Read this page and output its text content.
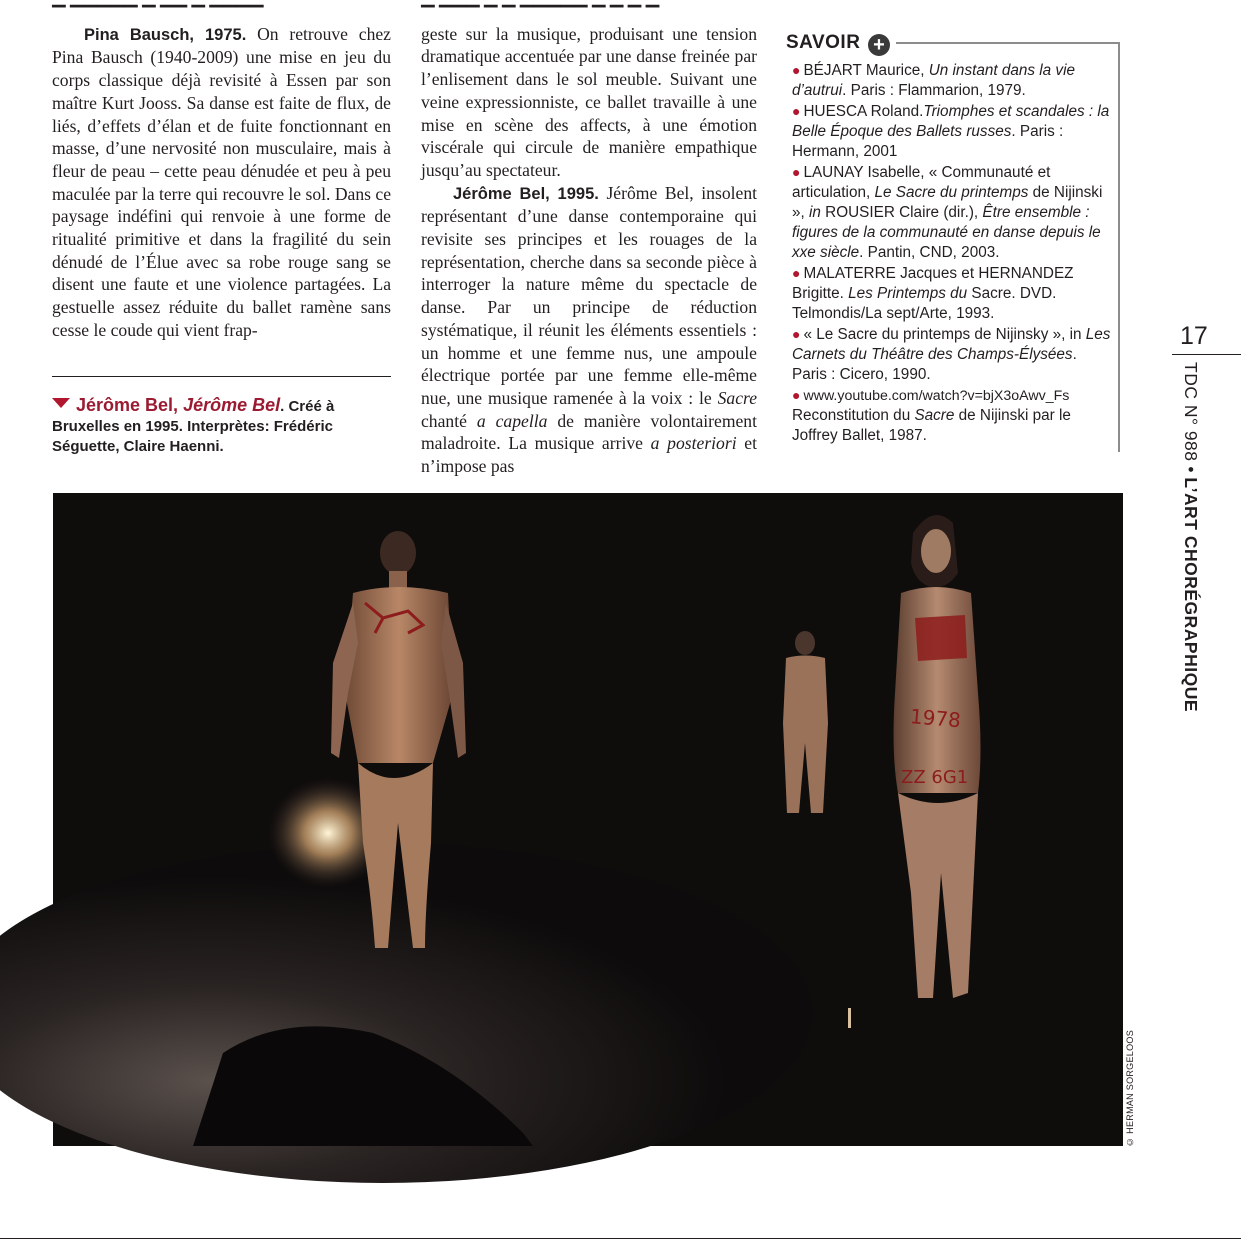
Pina Bausch, 1975. On retrouve chez Pina Bausch (1940-2009) une mise en jeu du corps classique déjà revisité à Essen par son maître Kurt Jooss. Sa danse est faite de flux, de liés, d’effets d’élan et de fuite fonctionnant en masse, d’une nervosité non musculaire, mais à fleur de peau – cette peau dénudée et peu à peu maculée par la terre qui recouvre le sol. Dans ce paysage indéfini qui renvoie à une forme de ritualité primitive et dans la fragilité du sein dénudé de l’Élue avec sa robe rouge sang se disent une faute et une violence partagées. La gestuelle assez réduite du ballet ramène sans cesse le coude qui vient frap-

Jérôme Bel, Jérôme Bel. Créé à Bruxelles en 1995. Interprètes: Frédéric Séguette, Claire Haenni.

geste sur la musique, produisant une tension dramatique accentuée par une danse freinée par l’enlisement dans le sol meuble. Suivant une veine expressionniste, ce ballet travaille à une mise en scène des affects, à une émotion viscérale qui circule de manière empathique jusqu’au spectateur.

Jérôme Bel, 1995. Jérôme Bel, insolent représentant d’une danse contemporaine qui revisite ses principes et les rouages de la représentation, cherche dans sa seconde pièce à interroger la nature même du spectacle de danse. Par un principe de réduction systématique, il réunit les éléments essentiels : un homme et une femme nus, une ampoule électrique portée par une femme elle-même nue, une musique ramenée à la voix : le Sacre chanté a capella de manière volontairement maladroite. La musique arrive a posteriori et n’impose pas

SAVOIR +
● BÉJART Maurice, Un instant dans la vie d’autrui. Paris : Flammarion, 1979.
● HUESCA Roland.Triomphes et scandales : la Belle Époque des Ballets russes. Paris : Hermann, 2001
● LAUNAY Isabelle, « Communauté et articulation, Le Sacre du printemps de Nijinski », in ROUSIER Claire (dir.), Être ensemble : figures de la communauté en danse depuis le xxe siècle. Pantin, CND, 2003.
● MALATERRE Jacques et HERNANDEZ Brigitte. Les Printemps du Sacre. DVD. Telmondis/La sept/Arte, 1993.
● « Le Sacre du printemps de Nijinsky », in Les Carnets du Théâtre des Champs-Élysées. Paris : Cicero, 1990.
● www.youtube.com/watch?v=bjX3oAwv_Fs Reconstitution du Sacre de Nijinski par le Joffrey Ballet, 1987.
17
TDC N° 988 • L’ART CHORÉGRAPHIQUE
1978
ZZ 6G1
© HERMAN SORGELOOS
